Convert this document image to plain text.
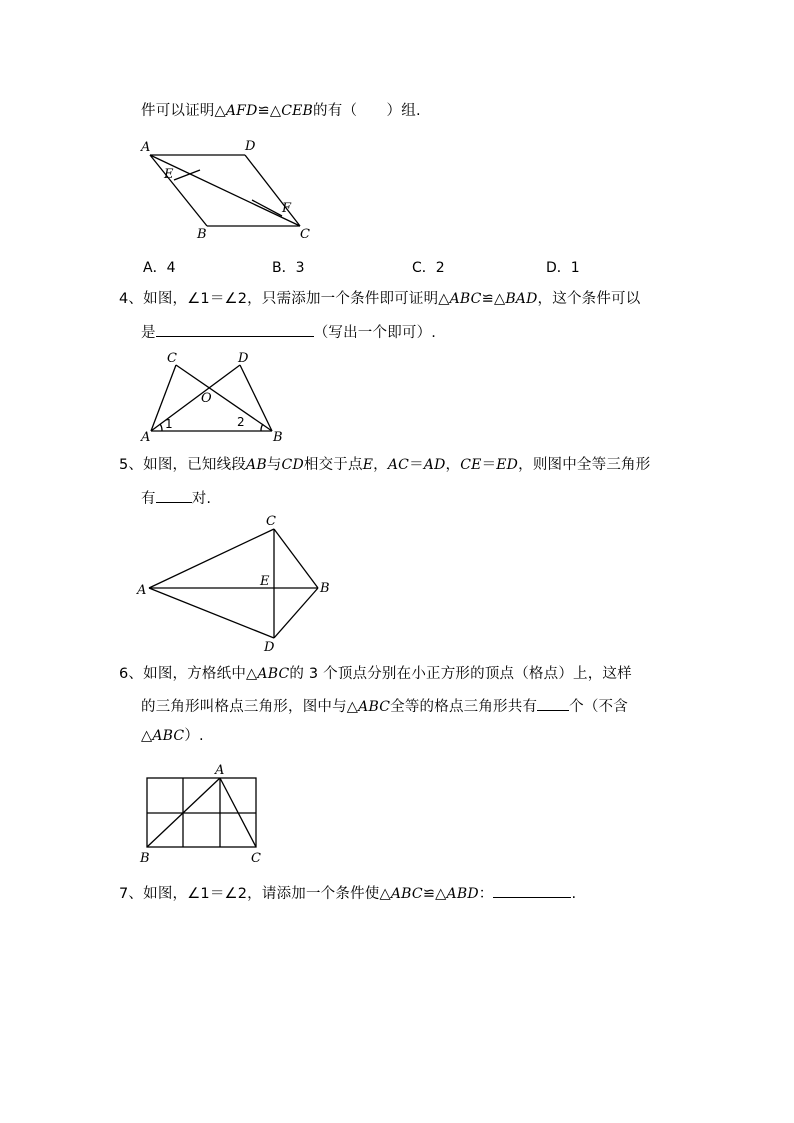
件可以证明△AFD≌△CEB的有（　　）组.
A	D
E
F
B	C
A．4	B．3	C．2	D．1
4、如图，∠1＝∠2，只需添加一个条件即可证明△ABC≌△BAD，这个条件可以
是	（写出一个即可）.
C	D
O
A	B
1	2
5、如图，已知线段AB与CD相交于点E，AC＝AD，CE＝ED，则图中全等三角形
有 对.
C
A
E	B
D
6、如图，方格纸中△ABC的 3 个顶点分别在小正方形的顶点（格点）上，这样
的三角形叫格点三角形，图中与△ABC全等的格点三角形共有 个（不含
△ABC）.
A
B	C
7、如图，∠1＝∠2，请添加一个条件使△ABC≌△ABD：	.
